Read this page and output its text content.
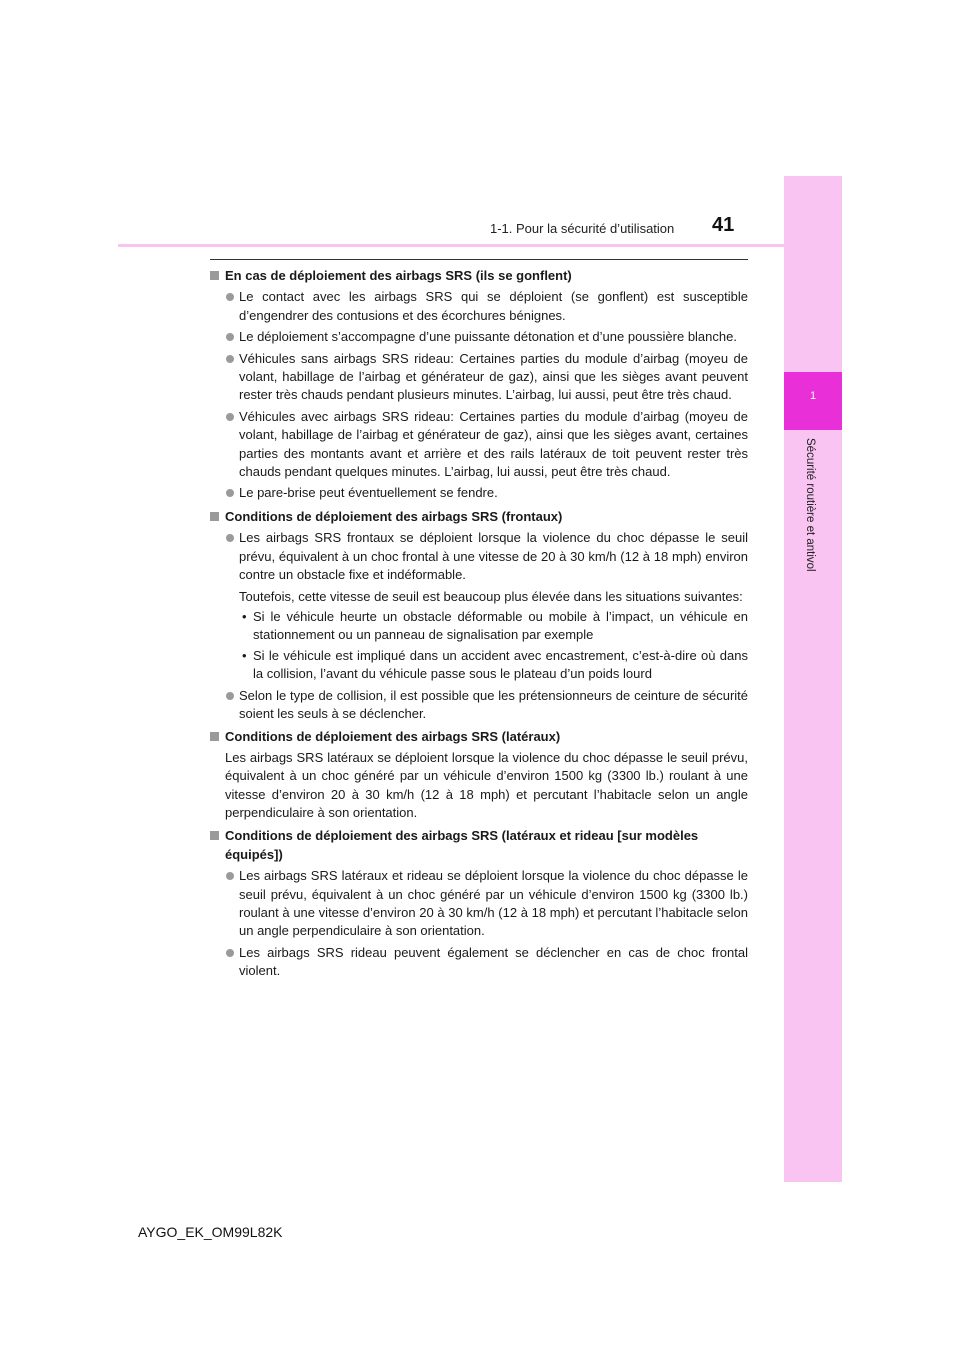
1
Sécurité routière et antivol
1-1. Pour la sécurité d’utilisation 41
En cas de déploiement des airbags SRS (ils se gonflent)
Le contact avec les airbags SRS qui se déploient (se gonflent) est susceptible d’engendrer des contusions et des écorchures bénignes.
Le déploiement s’accompagne d’une puissante détonation et d’une poussière blanche.
Véhicules sans airbags SRS rideau: Certaines parties du module d’airbag (moyeu de volant, habillage de l’airbag et générateur de gaz), ainsi que les sièges avant peuvent rester très chauds pendant plusieurs minutes. L’airbag, lui aussi, peut être très chaud.
Véhicules avec airbags SRS rideau: Certaines parties du module d’airbag (moyeu de volant, habillage de l’airbag et générateur de gaz), ainsi que les sièges avant, certaines parties des montants avant et arrière et des rails latéraux de toit peuvent rester très chauds pendant quelques minutes. L’airbag, lui aussi, peut être très chaud.
Le pare-brise peut éventuellement se fendre.
Conditions de déploiement des airbags SRS (frontaux)
Les airbags SRS frontaux se déploient lorsque la violence du choc dépasse le seuil prévu, équivalent à un choc frontal à une vitesse de 20 à 30 km/h (12 à 18 mph) environ contre un obstacle fixe et indéformable.
Toutefois, cette vitesse de seuil est beaucoup plus élevée dans les situations suivantes:
• Si le véhicule heurte un obstacle déformable ou mobile à l’impact, un véhicule en stationnement ou un panneau de signalisation par exemple
• Si le véhicule est impliqué dans un accident avec encastrement, c’est-à-dire où dans la collision, l’avant du véhicule passe sous le plateau d’un poids lourd
Selon le type de collision, il est possible que les prétensionneurs de ceinture de sécurité soient les seuls à se déclencher.
Conditions de déploiement des airbags SRS (latéraux)
Les airbags SRS latéraux se déploient lorsque la violence du choc dépasse le seuil prévu, équivalent à un choc généré par un véhicule d’environ 1500 kg (3300 lb.) roulant à une vitesse d’environ 20 à 30 km/h (12 à 18 mph) et percutant l’habitacle selon un angle perpendiculaire à son orientation.
Conditions de déploiement des airbags SRS (latéraux et rideau [sur modèles équipés])
Les airbags SRS latéraux et rideau se déploient lorsque la violence du choc dépasse le seuil prévu, équivalent à un choc généré par un véhicule d’environ 1500 kg (3300 lb.) roulant à une vitesse d’environ 20 à 30 km/h (12 à 18 mph) et percutant l’habitacle selon un angle perpendiculaire à son orientation.
Les airbags SRS rideau peuvent également se déclencher en cas de choc frontal violent.
AYGO_EK_OM99L82K
